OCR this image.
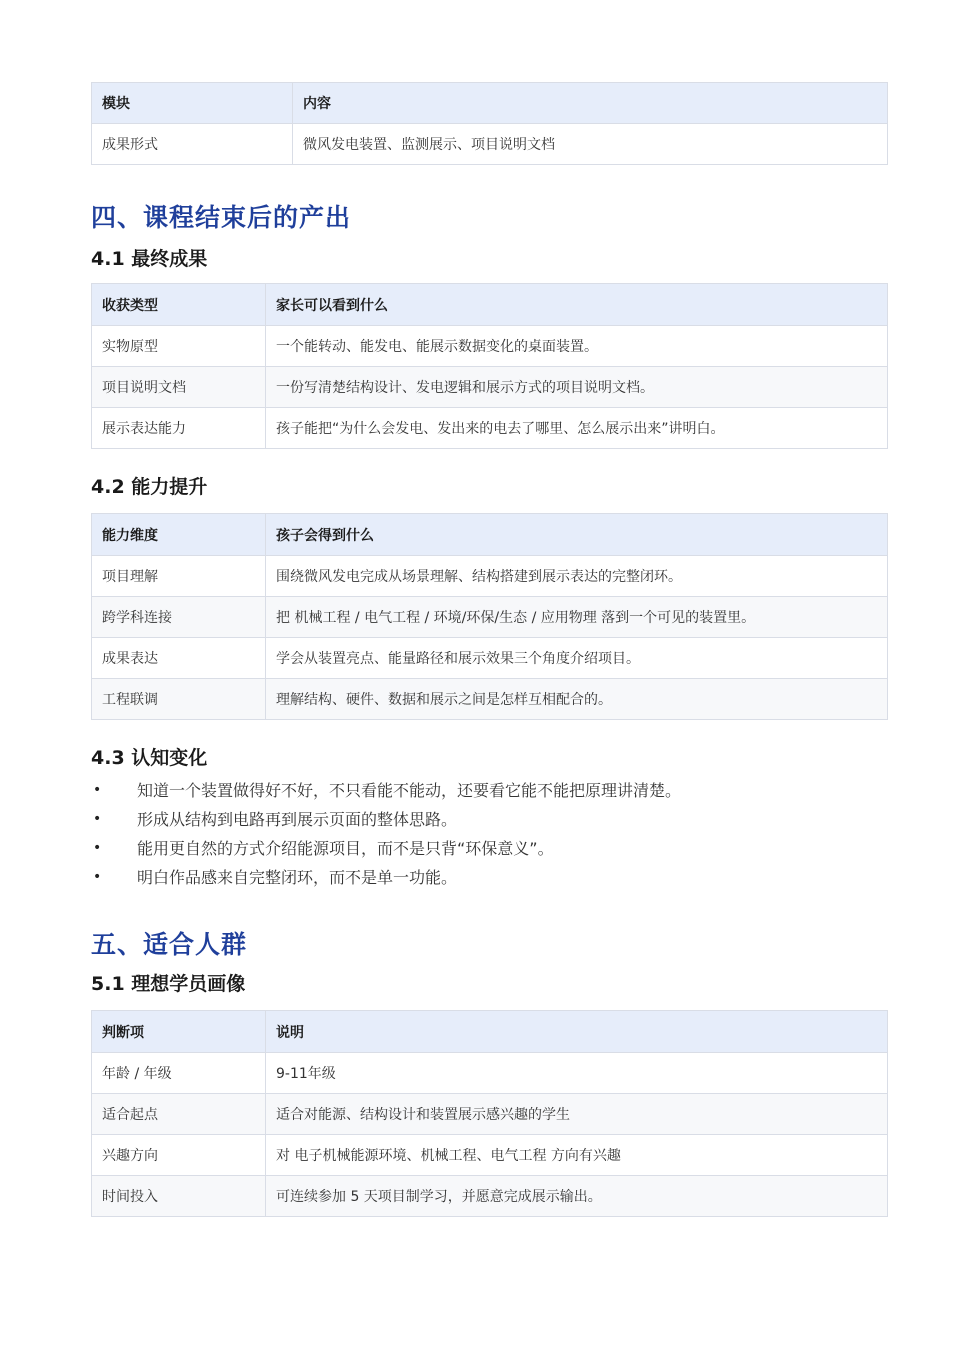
模块	内容
成果形式	微风发电装置、监测展示、项目说明文档
四、课程结束后的产出
4.1 最终成果
收获类型	家长可以看到什么
实物原型	一个能转动、能发电、能展示数据变化的桌面装置。
项目说明文档	一份写清楚结构设计、发电逻辑和展示方式的项目说明文档。
展示表达能力	孩子能把“为什么会发电、发出来的电去了哪里、怎么展示出来”讲明白。
4.2 能力提升
能力维度	孩子会得到什么
项目理解	围绕微风发电完成从场景理解、结构搭建到展示表达的完整闭环。
跨学科连接	把 机械工程 / 电气工程 / 环境/环保/生态 / 应用物理 落到一个可见的装置里。
成果表达	学会从装置亮点、能量路径和展示效果三个角度介绍项目。
工程联调	理解结构、硬件、数据和展示之间是怎样互相配合的。
4.3 认知变化
• 知道一个装置做得好不好，不只看能不能动，还要看它能不能把原理讲清楚。
• 形成从结构到电路再到展示页面的整体思路。
• 能用更自然的方式介绍能源项目，而不是只背“环保意义”。
• 明白作品感来自完整闭环，而不是单一功能。
五、适合人群
5.1 理想学员画像
判断项	说明
年龄 / 年级	9-11年级
适合起点	适合对能源、结构设计和装置展示感兴趣的学生
兴趣方向	对 电子机械能源环境、机械工程、电气工程 方向有兴趣
时间投入	可连续参加 5 天项目制学习，并愿意完成展示输出。
